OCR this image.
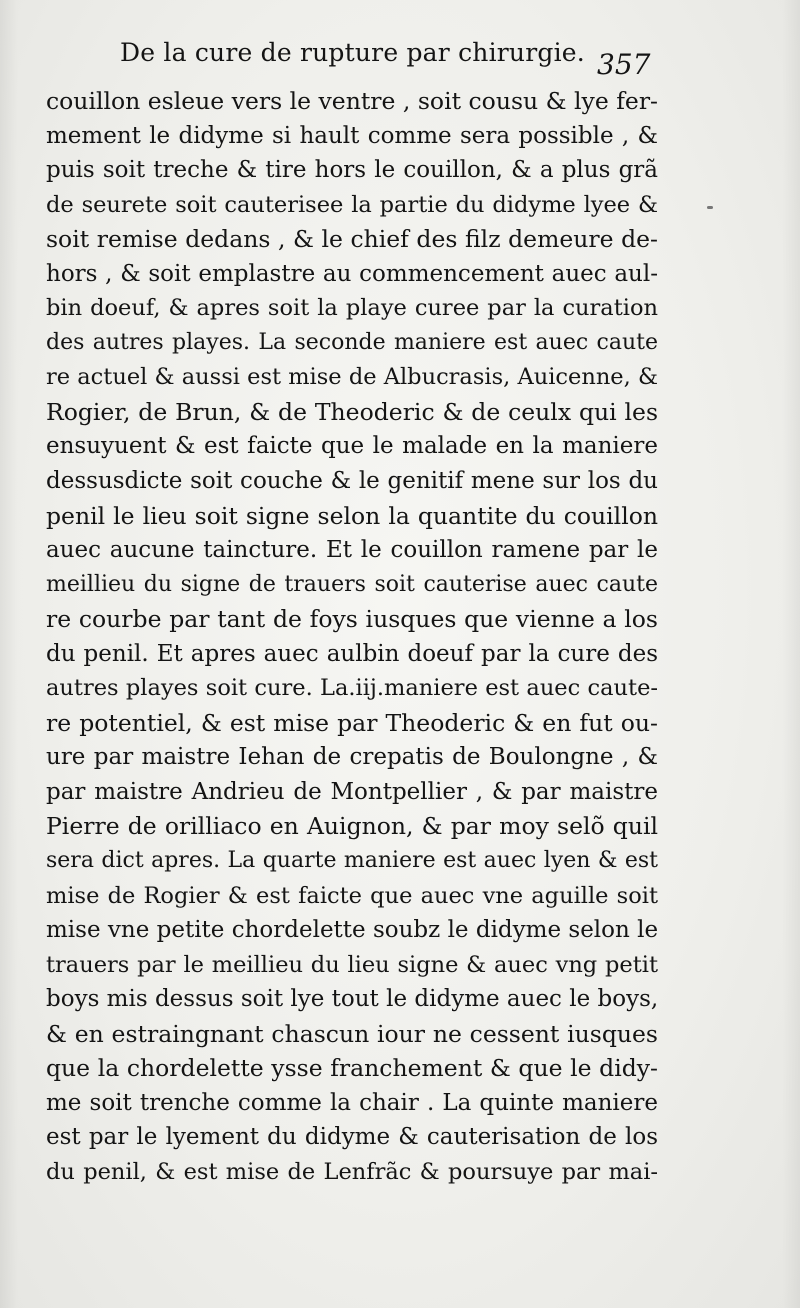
De la cure de rupture par chirurgie. 357
couillon esleue vers le ventre , soit cousu & lye fer-
mement le didyme si hault comme sera possible , &
puis soit treche & tire hors le couillon, & a plus grã
de seurete soit cauterisee la partie du didyme lyee &
soit remise dedans , & le chief des filz demeure de-
hors , & soit emplastre au commencement auec aul-
bin doeuf, & apres soit la playe curee par la curation
des autres playes. La seconde maniere est auec caute
re actuel & aussi est mise de Albucrasis, Auicenne, &
Rogier, de Brun, & de Theoderic & de ceulx qui les
ensuyuent & est faicte que le malade en la maniere
dessusdicte soit couche & le genitif mene sur los du
penil le lieu soit signe selon la quantite du couillon
auec aucune taincture. Et le couillon ramene par le
meillieu du signe de trauers soit cauterise auec caute
re courbe par tant de foys iusques que vienne a los
du penil. Et apres auec aulbin doeuf par la cure des
autres playes soit cure. La.iij.maniere est auec caute-
re potentiel, & est mise par Theoderic & en fut ou-
ure par maistre Iehan de crepatis de Boulongne , &
par maistre Andrieu de Montpellier , & par maistre
Pierre de orilliaco en Auignon, & par moy selõ quil
sera dict apres. La quarte maniere est auec lyen & est
mise de Rogier & est faicte que auec vne aguille soit
mise vne petite chordelette soubz le didyme selon le
trauers par le meillieu du lieu signe & auec vng petit
boys mis dessus soit lye tout le didyme auec le boys,
& en estraingnant chascun iour ne cessent iusques
que la chordelette ysse franchement & que le didy-
me soit trenche comme la chair . La quinte maniere
est par le lyement du didyme & cauterisation de los
du penil, & est mise de Lenfrãc & poursuye par mai-
